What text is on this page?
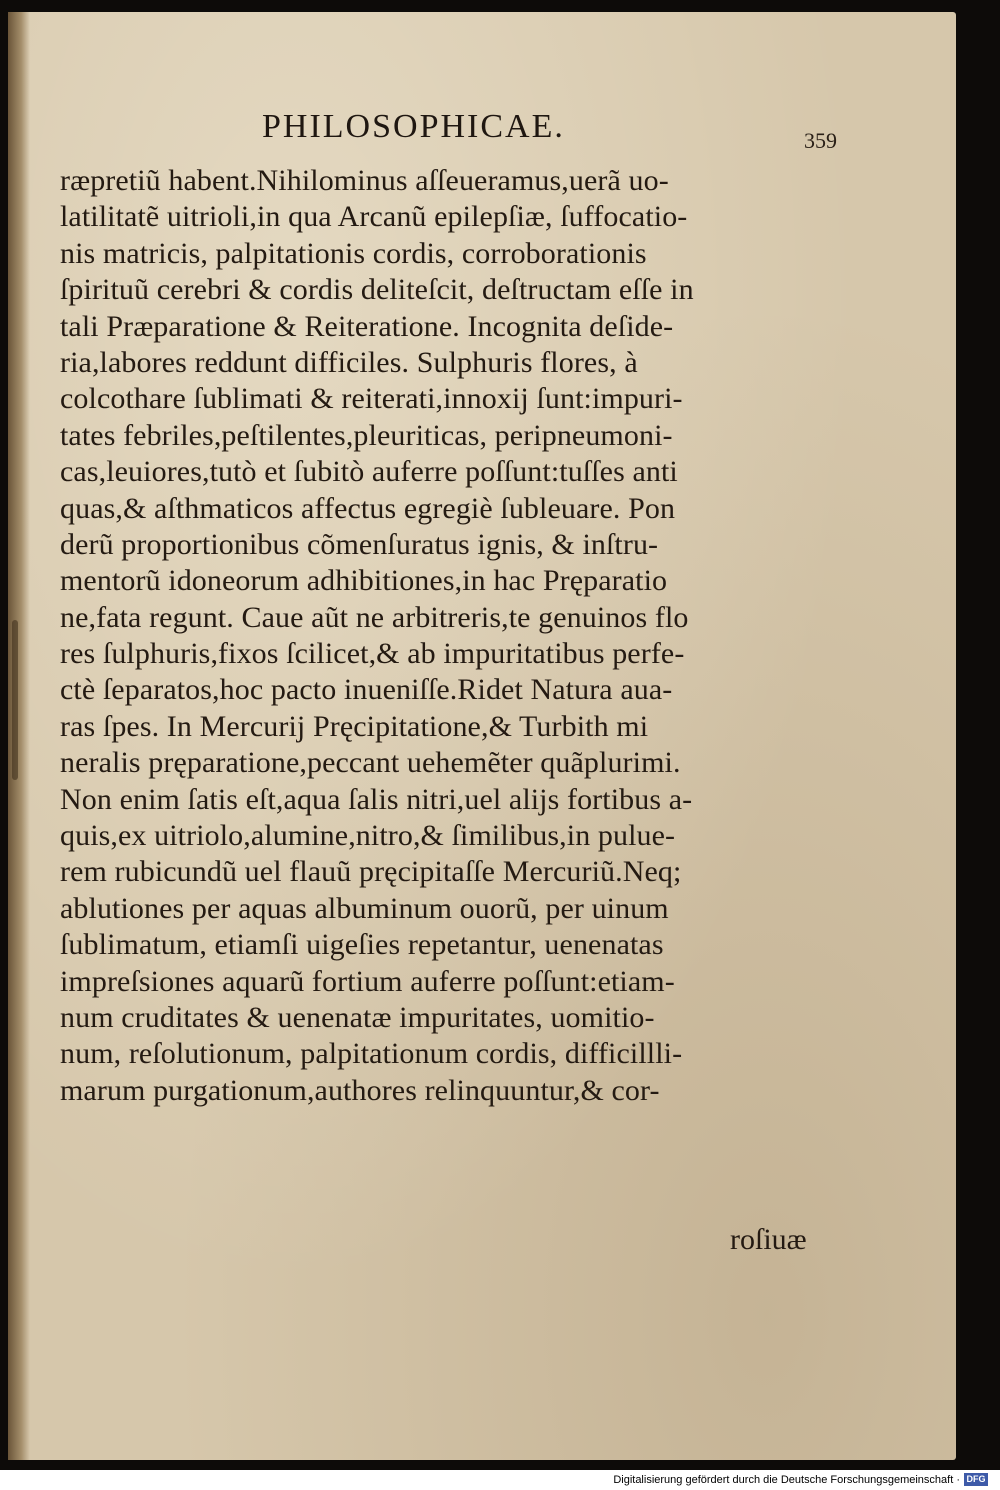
PHILOSOPHICAE.	359
ræpretiũ habent.Nihilominus aſſeueramus,uerã uo-
latilitatẽ uitrioli,in qua Arcanũ epilepſiæ, ſuffocatio-
nis matricis, palpitationis cordis, corroborationis
ſpirituũ cerebri & cordis deliteſcit, deſtructam eſſe in
tali Præparatione & Reiteratione. Incognita deſide-
ria,labores reddunt difficiles. Sulphuris flores, à
colcothare ſublimati & reiterati,innoxij ſunt:impuri-
tates febriles,peſtilentes,pleuriticas, peripneumoni-
cas,leuiores,tutò et ſubitò auferre poſſunt:tuſſes anti
quas,& aſthmaticos affectus egregiè ſubleuare. Pon
derũ proportionibus cõmenſuratus ignis, & inſtru-
mentorũ idoneorum adhibitiones,in hac Pręparatio
ne,fata regunt. Caue aũt ne arbitreris,te genuinos flo
res ſulphuris,fixos ſcilicet,& ab impuritatibus perfe-
ctè ſeparatos,hoc pacto inueniſſe.Ridet Natura aua-
ras ſpes. In Mercurij Pręcipitatione,& Turbith mi
neralis pręparatione,peccant uehemẽter quãplurimi.
Non enim ſatis eſt,aqua ſalis nitri,uel alijs fortibus a-
quis,ex uitriolo,alumine,nitro,& ſimilibus,in pulue-
rem rubicundũ uel flauũ pręcipitaſſe Mercuriũ.Neq;
ablutiones per aquas albuminum ouorũ, per uinum
ſublimatum, etiamſi uigeſies repetantur, uenenatas
impreſsiones aquarũ fortium auferre poſſunt:etiam-
num cruditates & uenenatæ impuritates, uomitio-
num, reſolutionum, palpitationum cordis, difficillli-
marum purgationum,authores relinquuntur,& cor-
roſiuæ
Digitalisierung gefördert durch die Deutsche Forschungsgemeinschaft · DFG
